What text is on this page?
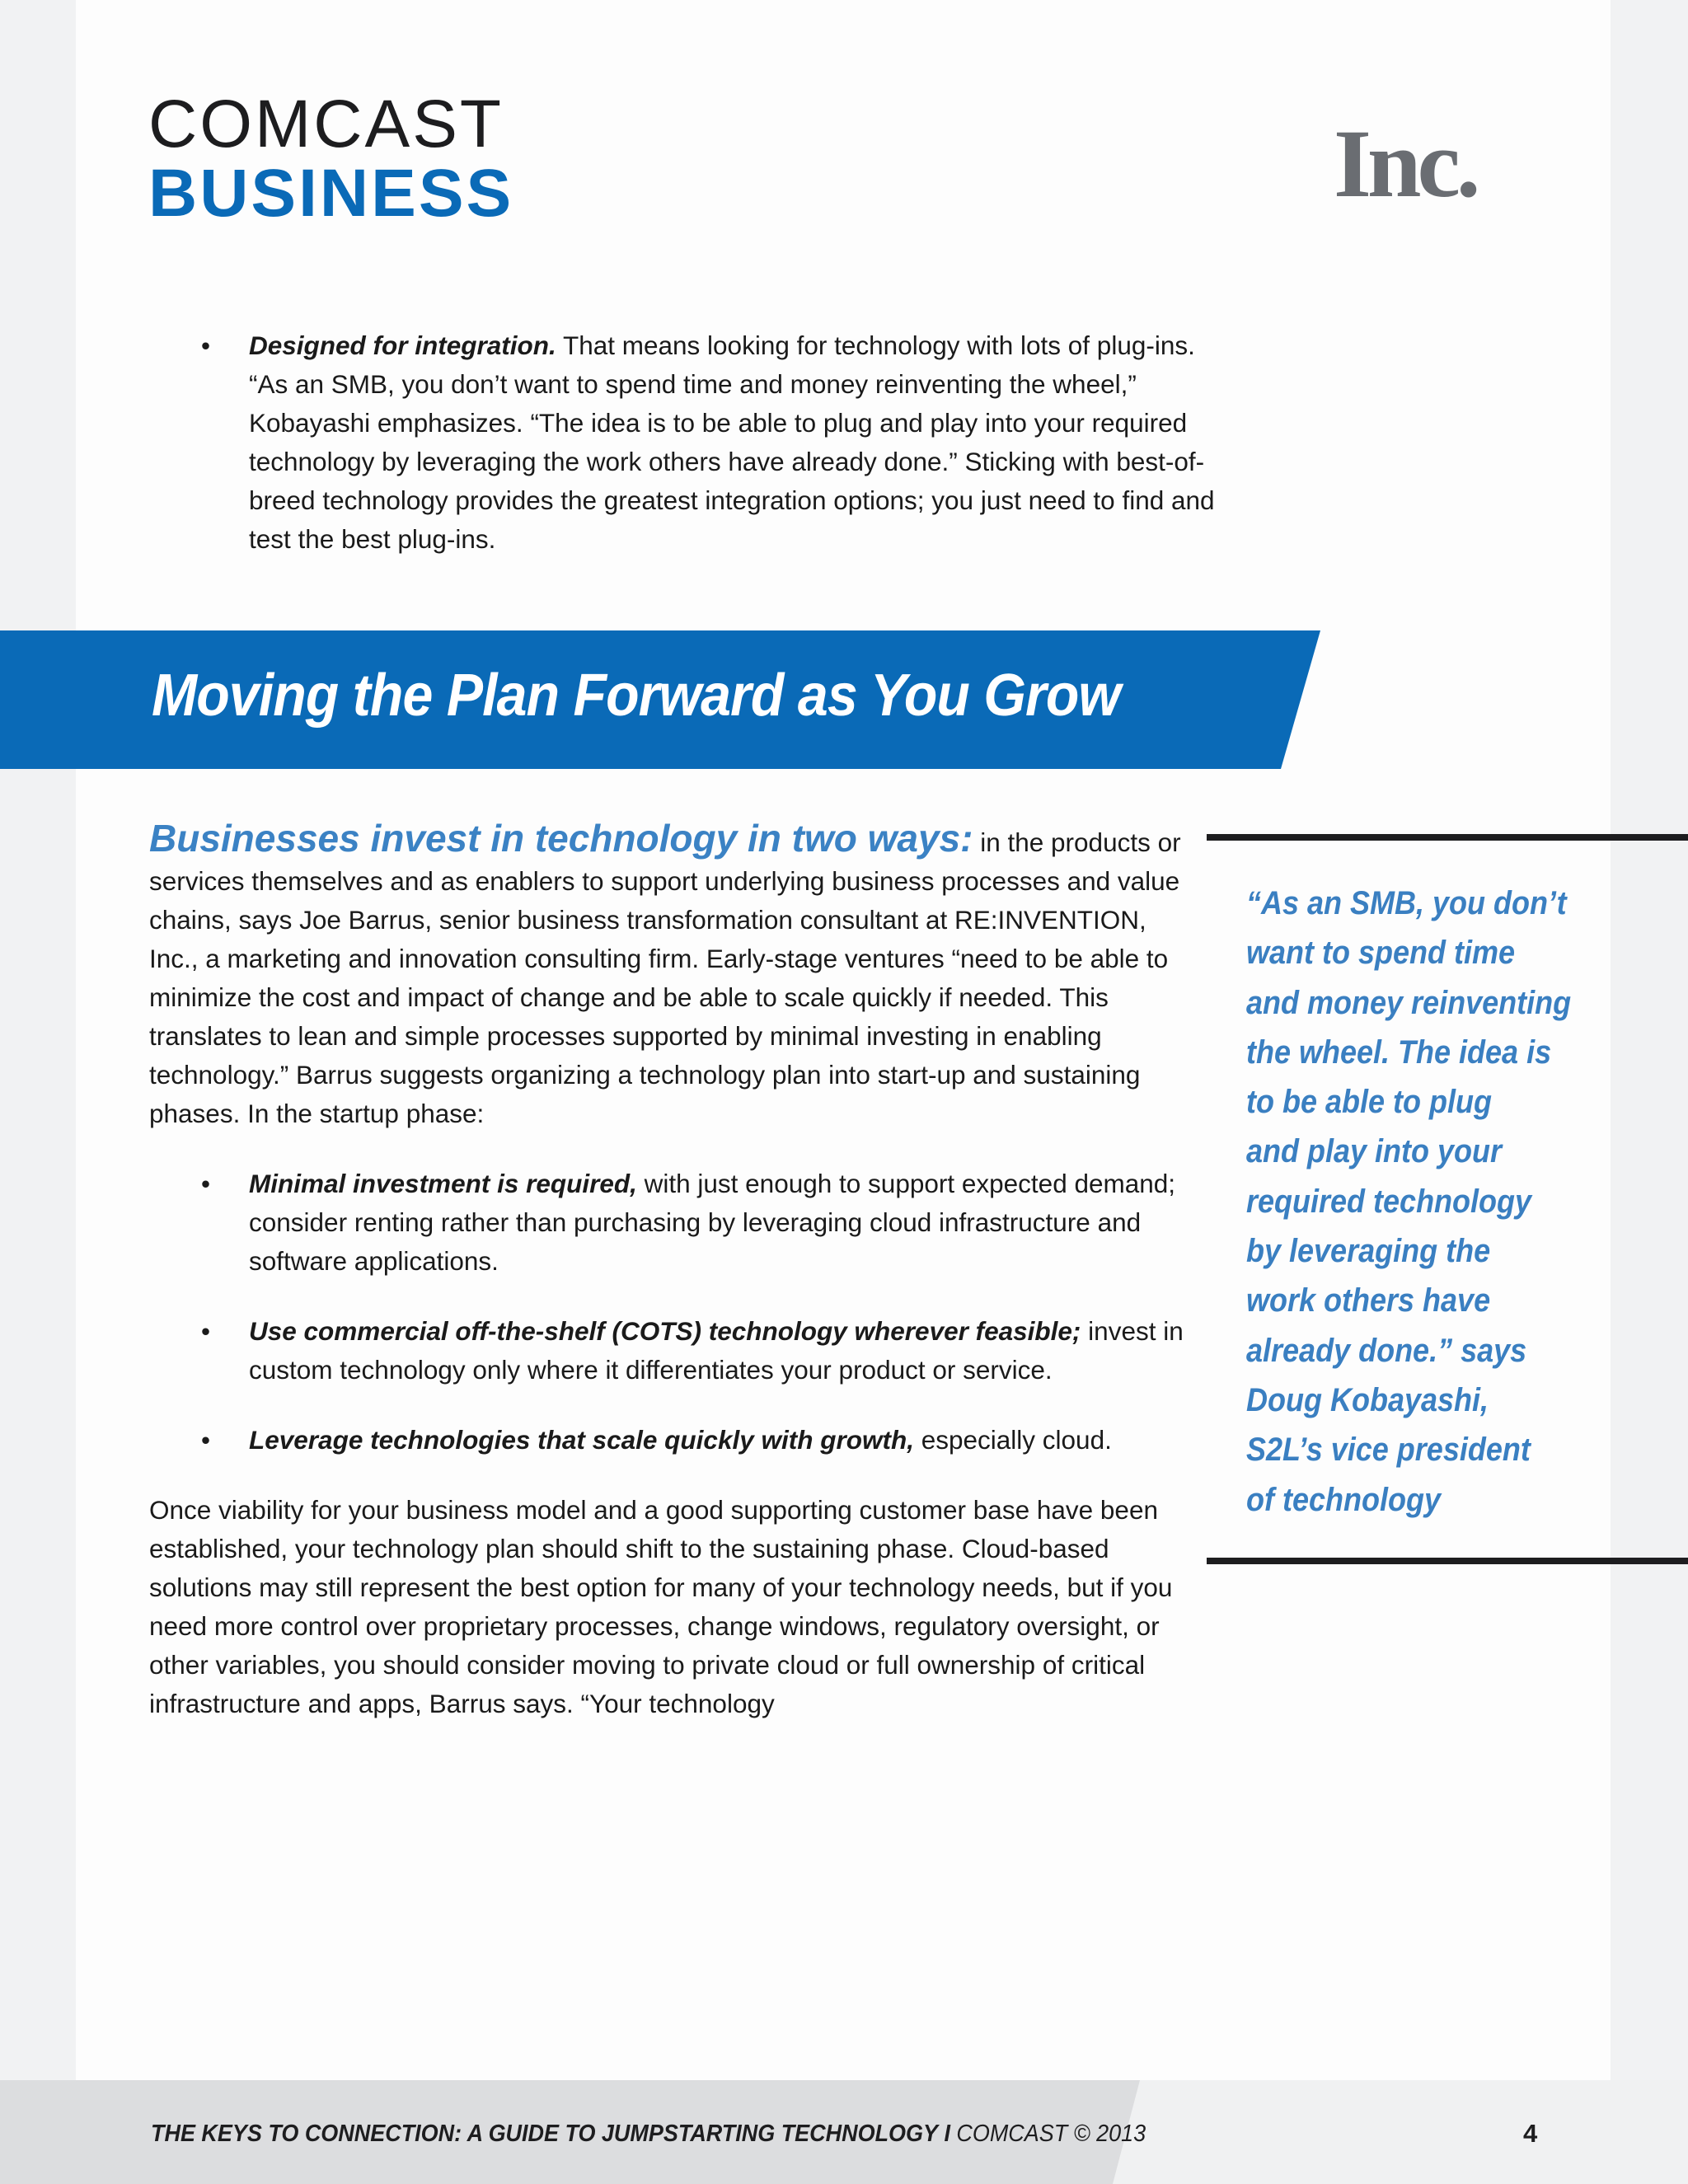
COMCAST
BUSINESS	Inc.
• Designed for integration. That means looking for technology with lots of plug-ins. “As an SMB, you don’t want to spend time and money reinventing the wheel,” Kobayashi emphasizes. “The idea is to be able to plug and play into your required technology by leveraging the work others have already done.” Sticking with best-of-breed technology provides the greatest integration options; you just need to find and test the best plug-ins.
Moving the Plan Forward as You Grow

Businesses invest in technology in two ways: in the products or services themselves and as enablers to support underlying business processes and value chains, says Joe Barrus, senior business transformation consultant at RE:INVENTION, Inc., a marketing and innovation consulting firm. Early-stage ventures “need to be able to minimize the cost and impact of change and be able to scale quickly if needed. This translates to lean and simple processes supported by minimal investing in enabling technology.” Barrus suggests organizing a technology plan into start-up and sustaining phases. In the startup phase:

• Minimal investment is required, with just enough to support expected demand; consider renting rather than purchasing by leveraging cloud infrastructure and software applications.
• Use commercial off-the-shelf (COTS) technology wherever feasible; invest in custom technology only where it differentiates your product or service.
• Leverage technologies that scale quickly with growth, especially cloud.

Once viability for your business model and a good supporting customer base have been established, your technology plan should shift to the sustaining phase. Cloud-based solutions may still represent the best option for many of your technology needs, but if you need more control over proprietary processes, change windows, regulatory oversight, or other variables, you should consider moving to private cloud or full ownership of critical infrastructure and apps, Barrus says. “Your technology

“As an SMB, you don’t
want to spend time
and money reinventing
the wheel. The idea is
to be able to plug
and play into your
required technology
by leveraging the
work others have
already done.” says
Doug Kobayashi,
S2L’s vice president
of technology
THE KEYS TO CONNECTION: A GUIDE TO JUMPSTARTING TECHNOLOGY I COMCAST © 2013	4
